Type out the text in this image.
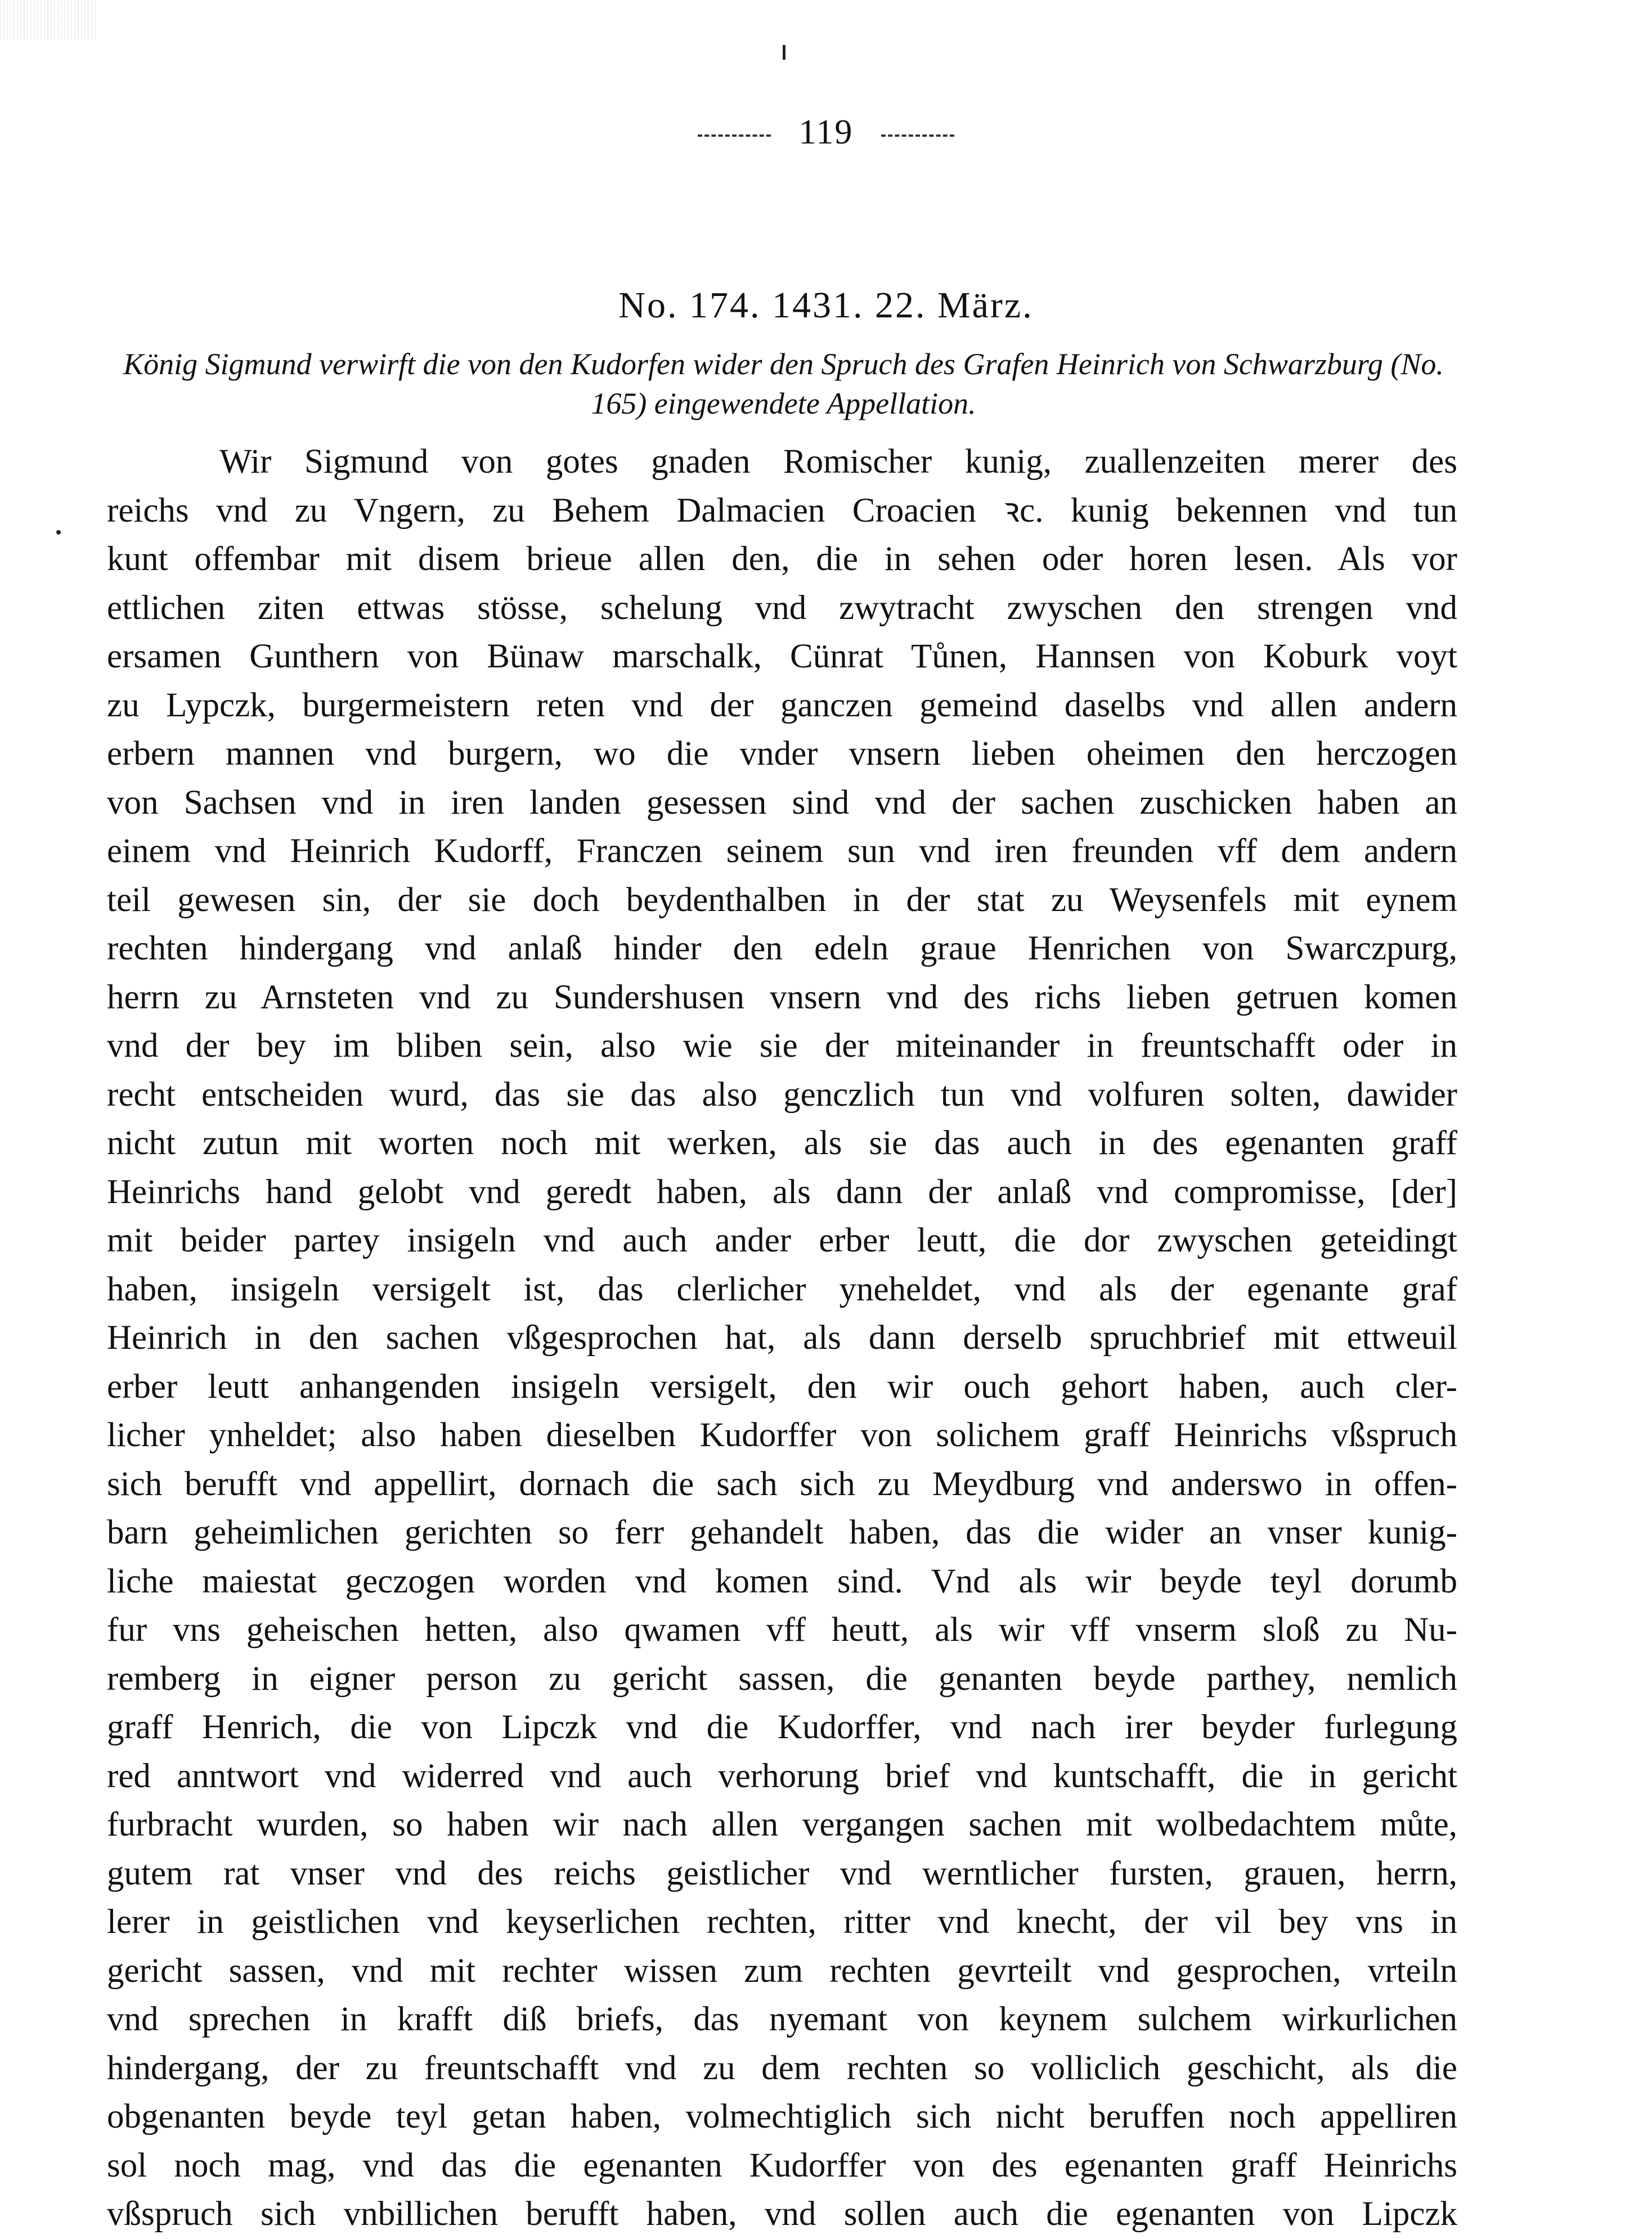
119
No. 174. 1431. 22. März.
König Sigmund verwirft die von den Kudorfen wider den Spruch des Grafen Heinrich von Schwarzburg (No. 165) eingewendete Appellation.
Wir Sigmund von gotes gnaden Romischer kunig, zuallenzeiten merer des
reichs vnd zu Vngern, zu Behem Dalmacien Croacien ꝛc. kunig bekennen vnd tun
kunt offembar mit disem brieue allen den, die in sehen oder horen lesen. Als vor
ettlichen ziten ettwas stösse, schelung vnd zwytracht zwyschen den strengen vnd
ersamen Gunthern von Bünaw marschalk, Cünrat Tůnen, Hannsen von Koburk voyt
zu Lypczk, burgermeistern reten vnd der ganczen gemeind daselbs vnd allen andern
erbern mannen vnd burgern, wo die vnder vnsern lieben oheimen den herczogen
von Sachsen vnd in iren landen gesessen sind vnd der sachen zuschicken haben an
einem vnd Heinrich Kudorff, Franczen seinem sun vnd iren freunden vff dem andern
teil gewesen sin, der sie doch beydenthalben in der stat zu Weysenfels mit eynem
rechten hindergang vnd anlaß hinder den edeln graue Henrichen von Swarczpurg,
herrn zu Arnsteten vnd zu Sundershusen vnsern vnd des richs lieben getruen komen
vnd der bey im bliben sein, also wie sie der miteinander in freuntschafft oder in
recht entscheiden wurd, das sie das also genczlich tun vnd volfuren solten, dawider
nicht zutun mit worten noch mit werken, als sie das auch in des egenanten graff
Heinrichs hand gelobt vnd geredt haben, als dann der anlaß vnd compromisse, [der]
mit beider partey insigeln vnd auch ander erber leutt, die dor zwyschen geteidingt
haben, insigeln versigelt ist, das clerlicher yneheldet, vnd als der egenante graf
Heinrich in den sachen vßgesprochen hat, als dann derselb spruchbrief mit ettweuil
erber leutt anhangenden insigeln versigelt, den wir ouch gehort haben, auch cler-
licher ynheldet; also haben dieselben Kudorffer von solichem graff Heinrichs vßspruch
sich berufft vnd appellirt, dornach die sach sich zu Meydburg vnd anderswo in offen-
barn geheimlichen gerichten so ferr gehandelt haben, das die wider an vnser kunig-
liche maiestat geczogen worden vnd komen sind. Vnd als wir beyde teyl dorumb
fur vns geheischen hetten, also qwamen vff heutt, als wir vff vnserm sloß zu Nu-
remberg in eigner person zu gericht sassen, die genanten beyde parthey, nemlich
graff Henrich, die von Lipczk vnd die Kudorffer, vnd nach irer beyder furlegung
red anntwort vnd widerred vnd auch verhorung brief vnd kuntschafft, die in gericht
furbracht wurden, so haben wir nach allen vergangen sachen mit wolbedachtem můte,
gutem rat vnser vnd des reichs geistlicher vnd werntlicher fursten, grauen, herrn,
lerer in geistlichen vnd keyserlichen rechten, ritter vnd knecht, der vil bey vns in
gericht sassen, vnd mit rechter wissen zum rechten gevrteilt vnd gesprochen, vrteiln
vnd sprechen in krafft diß briefs, das nyemant von keynem sulchem wirkurlichen
hindergang, der zu freuntschafft vnd zu dem rechten so volliclich geschicht, als die
obgenanten beyde teyl getan haben, volmechtiglich sich nicht beruffen noch appelliren
sol noch mag, vnd das die egenanten Kudorffer von des egenanten graff Heinrichs
vßspruch sich vnbillichen berufft haben, vnd sollen auch die egenanten von Lipczk
